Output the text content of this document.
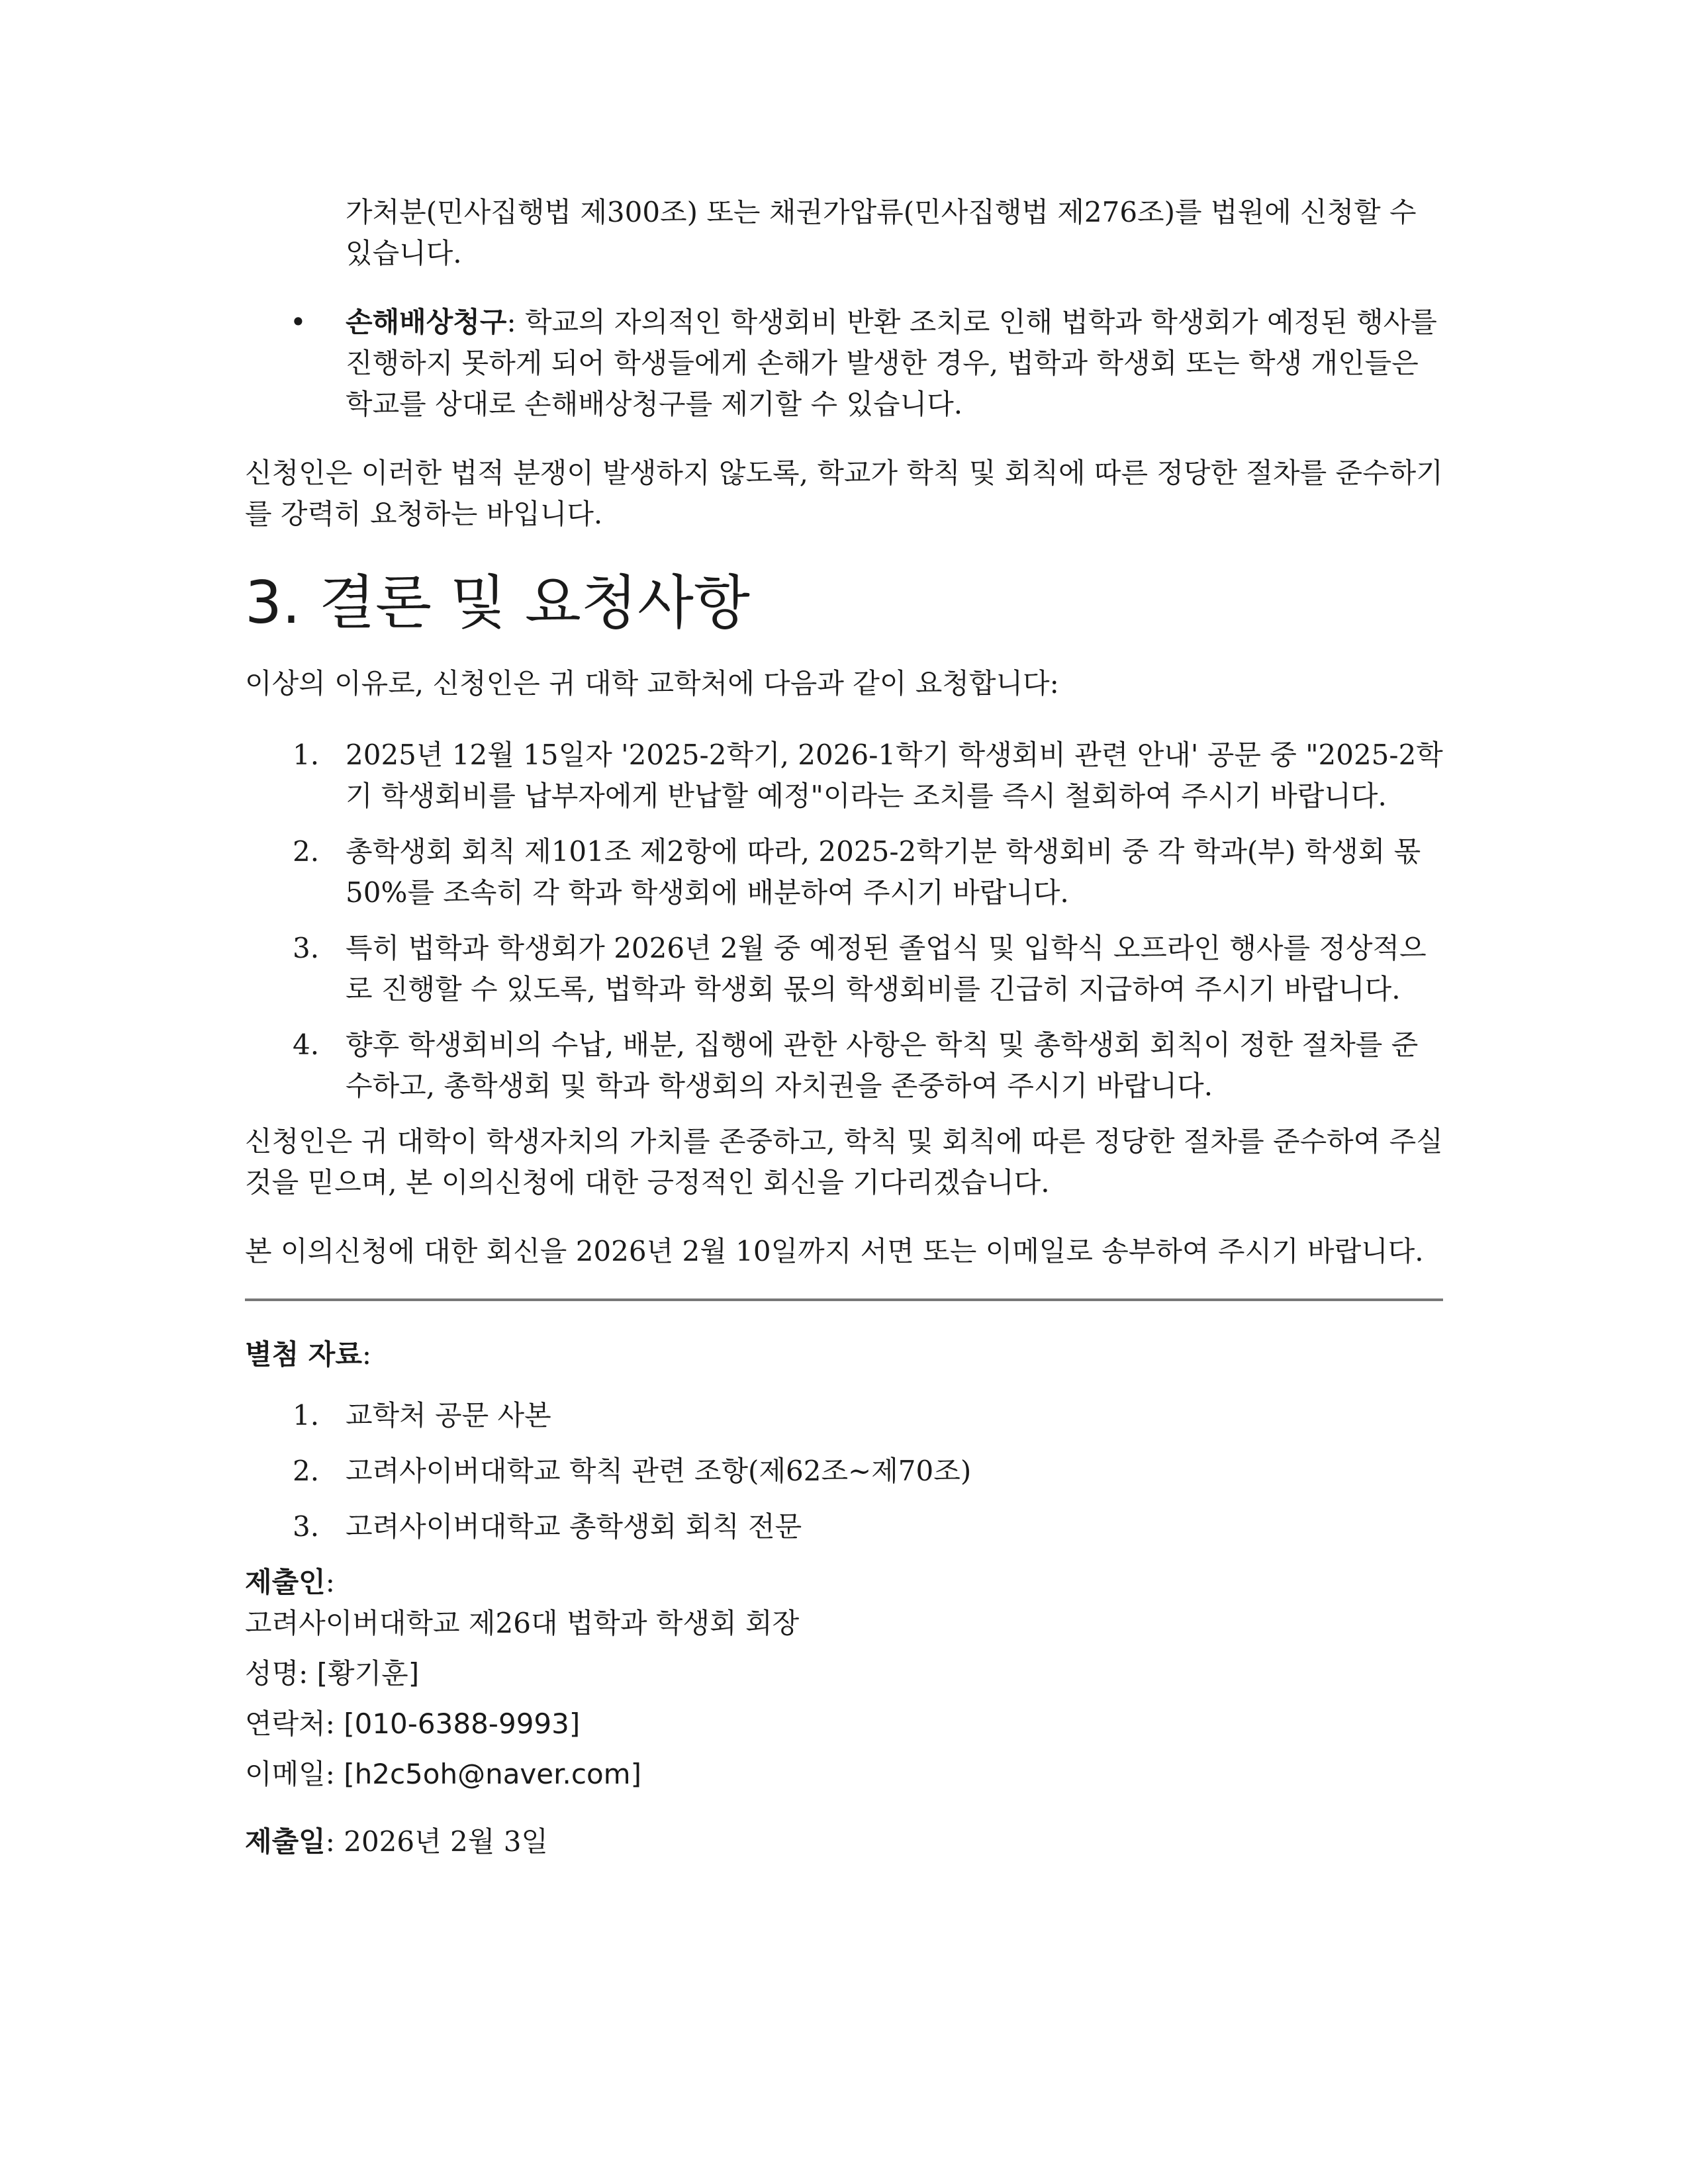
가처분(민사집행법 제300조) 또는 채권가압류(민사집행법 제276조)를 법원에 신청할 수 있습니다.

• 손해배상청구: 학교의 자의적인 학생회비 반환 조치로 인해 법학과 학생회가 예정된 행사를 진행하지 못하게 되어 학생들에게 손해가 발생한 경우, 법학과 학생회 또는 학생 개인들은 학교를 상대로 손해배상청구를 제기할 수 있습니다.

신청인은 이러한 법적 분쟁이 발생하지 않도록, 학교가 학칙 및 회칙에 따른 정당한 절차를 준수하기를 강력히 요청하는 바입니다.

3. 결론 및 요청사항

이상의 이유로, 신청인은 귀 대학 교학처에 다음과 같이 요청합니다:

1. 2025년 12월 15일자 '2025-2학기, 2026-1학기 학생회비 관련 안내' 공문 중 "2025-2학기 학생회비를 납부자에게 반납할 예정"이라는 조치를 즉시 철회하여 주시기 바랍니다.
2. 총학생회 회칙 제101조 제2항에 따라, 2025-2학기분 학생회비 중 각 학과(부) 학생회 몫 50%를 조속히 각 학과 학생회에 배분하여 주시기 바랍니다.
3. 특히 법학과 학생회가 2026년 2월 중 예정된 졸업식 및 입학식 오프라인 행사를 정상적으로 진행할 수 있도록, 법학과 학생회 몫의 학생회비를 긴급히 지급하여 주시기 바랍니다.
4. 향후 학생회비의 수납, 배분, 집행에 관한 사항은 학칙 및 총학생회 회칙이 정한 절차를 준수하고, 총학생회 및 학과 학생회의 자치권을 존중하여 주시기 바랍니다.

신청인은 귀 대학이 학생자치의 가치를 존중하고, 학칙 및 회칙에 따른 정당한 절차를 준수하여 주실 것을 믿으며, 본 이의신청에 대한 긍정적인 회신을 기다리겠습니다.

본 이의신청에 대한 회신을 2026년 2월 10일까지 서면 또는 이메일로 송부하여 주시기 바랍니다.

별첨 자료:

1. 교학처 공문 사본
2. 고려사이버대학교 학칙 관련 조항(제62조~제70조)
3. 고려사이버대학교 총학생회 회칙 전문

제출인:

고려사이버대학교 제26대 법학과 학생회 회장

성명: [황기훈]

연락처: [010-6388-9993]

이메일: [h2c5oh@naver.com]

제출일: 2026년 2월 3일
